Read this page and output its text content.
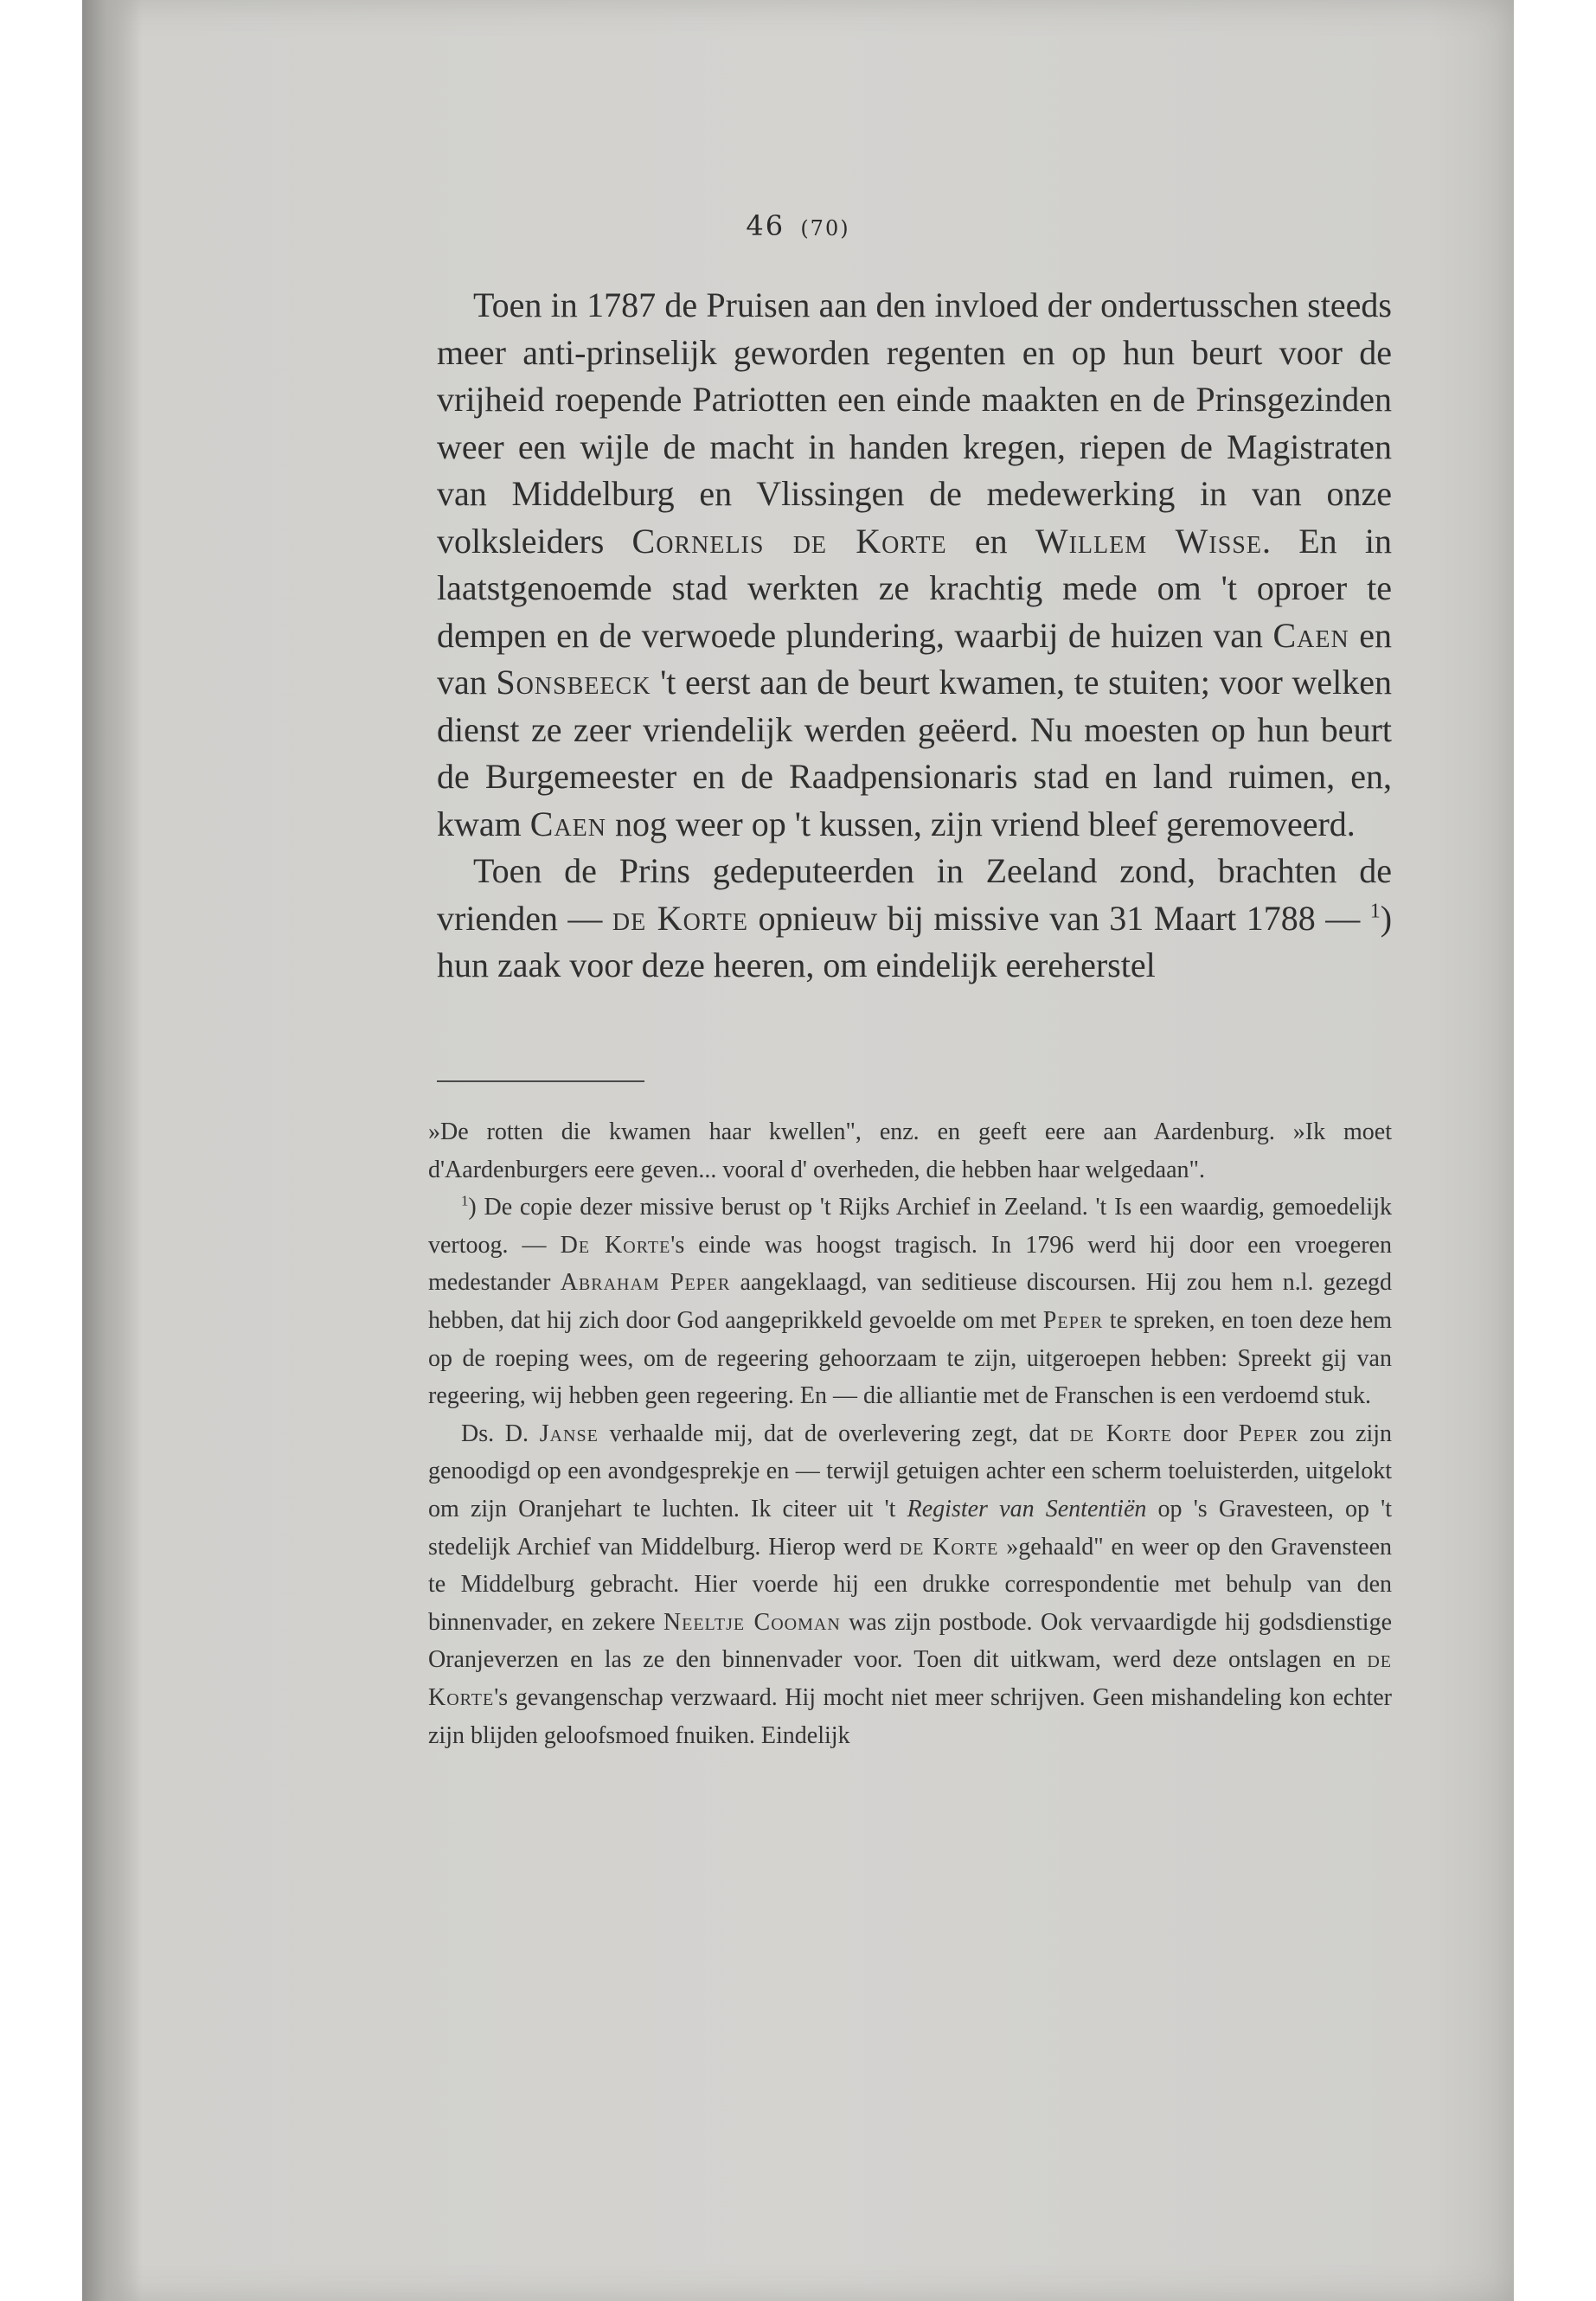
46 (70)

Toen in 1787 de Pruisen aan den invloed der ondertusschen steeds meer anti-prinselijk geworden regenten en op hun beurt voor de vrijheid roepende Patriotten een einde maakten en de Prinsgezinden weer een wijle de macht in handen kregen, riepen de Magistraten van Middelburg en Vlissingen de medewerking in van onze volksleiders Cornelis de Korte en Willem Wisse. En in laatstgenoemde stad werkten ze krachtig mede om 't oproer te dempen en de verwoede plundering, waarbij de huizen van Caen en van Sonsbeeck 't eerst aan de beurt kwamen, te stuiten; voor welken dienst ze zeer vriendelijk werden geëerd. Nu moesten op hun beurt de Burgemeester en de Raadpensionaris stad en land ruimen, en, kwam Caen nog weer op 't kussen, zijn vriend bleef geremoveerd.

Toen de Prins gedeputeerden in Zeeland zond, brachten de vrienden — de Korte opnieuw bij missive van 31 Maart 1788 — $^1$) hun zaak voor deze heeren, om eindelijk eereherstel

»De rotten die kwamen haar kwellen", enz. en geeft eere aan Aardenburg. »Ik moet d'Aardenburgers eere geven... vooral d' overheden, die hebben haar welgedaan".

$^1$) De copie dezer missive berust op 't Rijks Archief in Zeeland. 't Is een waardig, gemoedelijk vertoog. — De Korte's einde was hoogst tragisch. In 1796 werd hij door een vroegeren medestander Abraham Peper aangeklaagd, van seditieuse discoursen. Hij zou hem n.l. gezegd hebben, dat hij zich door God aangeprikkeld gevoelde om met Peper te spreken, en toen deze hem op de roeping wees, om de regeering gehoorzaam te zijn, uitgeroepen hebben: Spreekt gij van regeering, wij hebben geen regeering. En — die alliantie met de Franschen is een verdoemd stuk.

Ds. D. Janse verhaalde mij, dat de overlevering zegt, dat de Korte door Peper zou zijn genoodigd op een avondgesprekje en — terwijl getuigen achter een scherm toeluisterden, uitgelokt om zijn Oranjehart te luchten. Ik citeer uit 't Register van Sententiën op 's Gravesteen, op 't stedelijk Archief van Middelburg. Hierop werd de Korte »gehaald" en weer op den Gravensteen te Middelburg gebracht. Hier voerde hij een drukke correspondentie met behulp van den binnenvader, en zekere Neeltje Cooman was zijn postbode. Ook vervaardigde hij godsdienstige Oranjeverzen en las ze den binnenvader voor. Toen dit uitkwam, werd deze ontslagen en de Korte's gevangenschap verzwaard. Hij mocht niet meer schrijven. Geen mishandeling kon echter zijn blijden geloofsmoed fnuiken. Eindelijk
